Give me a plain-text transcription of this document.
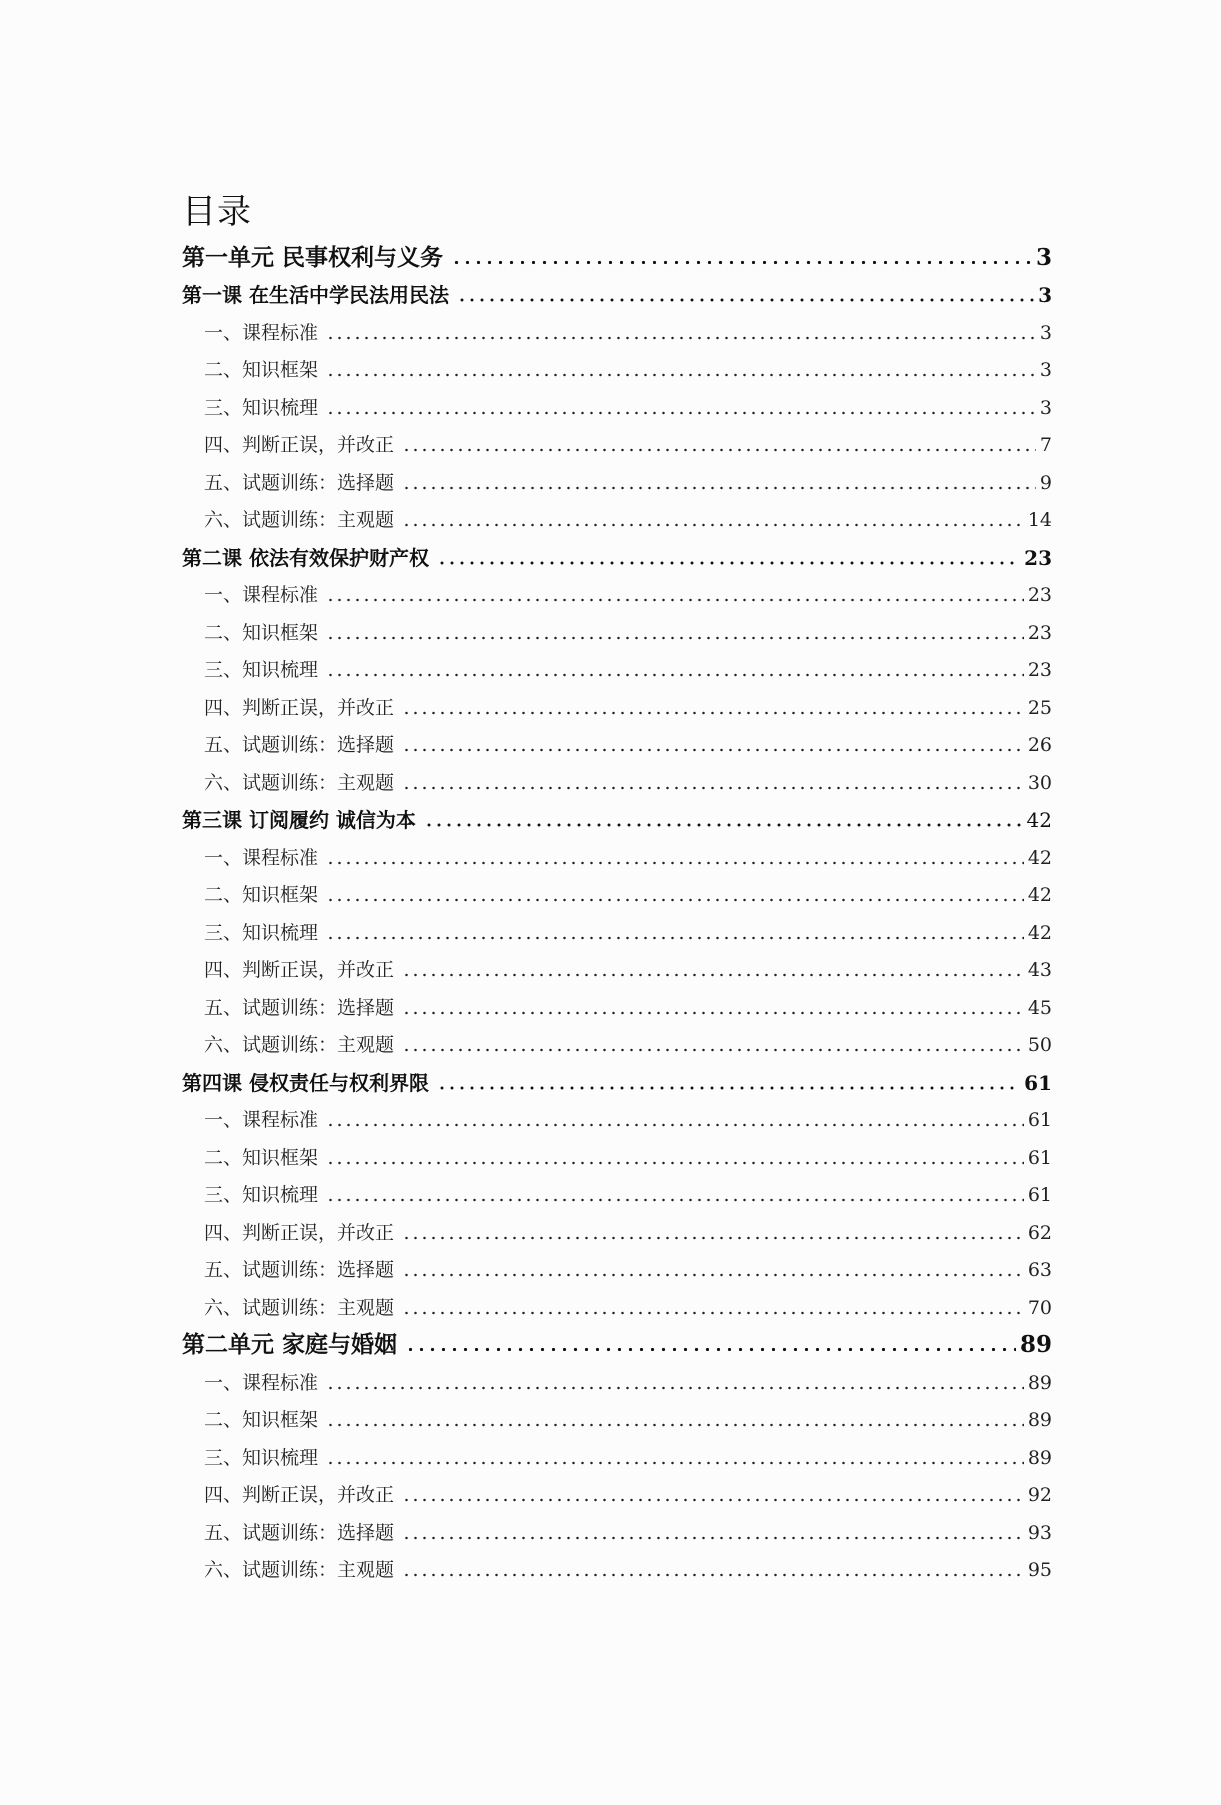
目录
第一单元 民事权利与义务	3
第一课 在生活中学民法用民法	3
一、课程标准	3
二、知识框架	3
三、知识梳理	3
四、判断正误，并改正	7
五、试题训练：选择题	9
六、试题训练：主观题	14
第二课 依法有效保护财产权	23
一、课程标准	23
二、知识框架	23
三、知识梳理	23
四、判断正误，并改正	25
五、试题训练：选择题	26
六、试题训练：主观题	30
第三课 订阅履约 诚信为本	42
一、课程标准	42
二、知识框架	42
三、知识梳理	42
四、判断正误，并改正	43
五、试题训练：选择题	45
六、试题训练：主观题	50
第四课 侵权责任与权利界限	61
一、课程标准	61
二、知识框架	61
三、知识梳理	61
四、判断正误，并改正	62
五、试题训练：选择题	63
六、试题训练：主观题	70
第二单元 家庭与婚姻	89
一、课程标准	89
二、知识框架	89
三、知识梳理	89
四、判断正误，并改正	92
五、试题训练：选择题	93
六、试题训练：主观题	95
